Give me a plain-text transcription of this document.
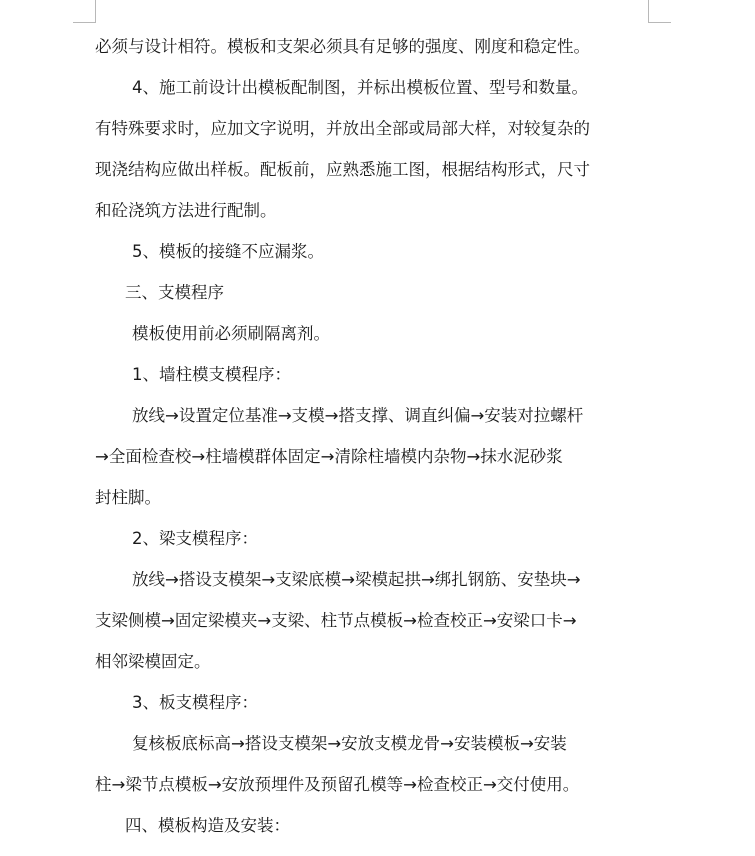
必须与设计相符。模板和支架必须具有足够的强度、刚度和稳定性。
4、施工前设计出模板配制图，并标出模板位置、型号和数量。
有特殊要求时，应加文字说明，并放出全部或局部大样，对较复杂的
现浇结构应做出样板。配板前，应熟悉施工图，根据结构形式，尺寸
和砼浇筑方法进行配制。
5、模板的接缝不应漏浆。
三、支模程序
模板使用前必须刷隔离剂。
1、墙柱模支模程序：
放线→设置定位基准→支模→搭支撑、调直纠偏→安装对拉螺杆
→全面检查校→柱墙模群体固定→清除柱墙模内杂物→抹水泥砂浆
封柱脚。
2、梁支模程序：
放线→搭设支模架→支梁底模→梁模起拱→绑扎钢筋、安垫块→
支梁侧模→固定梁模夹→支梁、柱节点模板→检查校正→安梁口卡→
相邻梁模固定。
3、板支模程序：
复核板底标高→搭设支模架→安放支模龙骨→安装模板→安装
柱→梁节点模板→安放预埋件及预留孔模等→检查校正→交付使用。
四、模板构造及安装：
